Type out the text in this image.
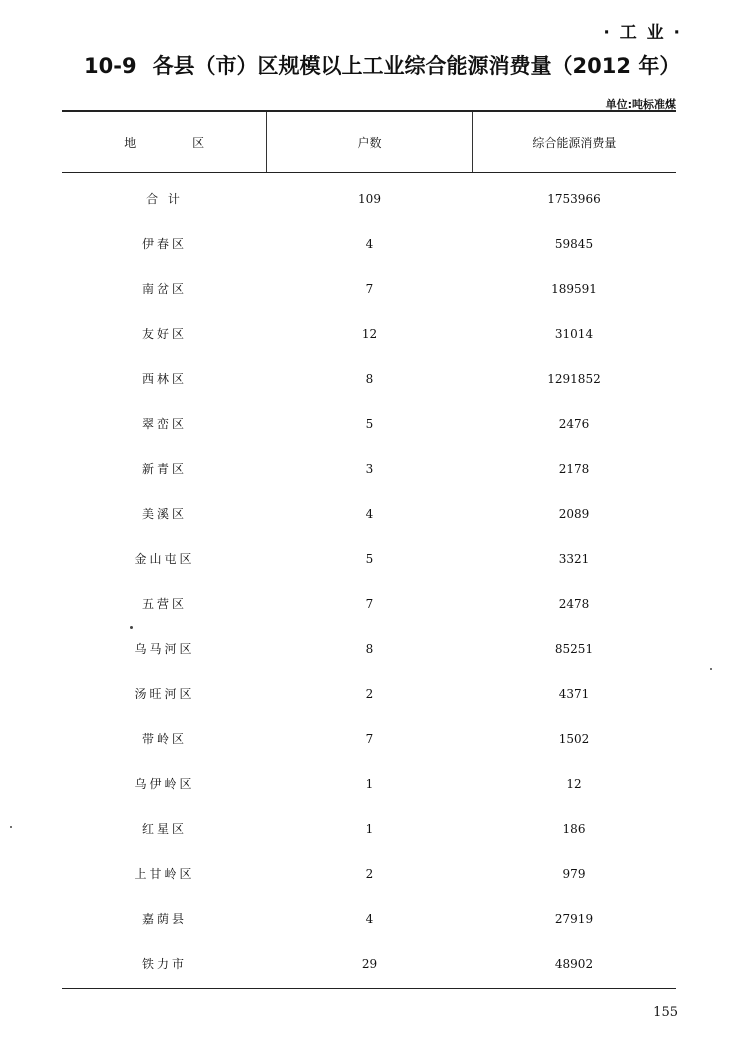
· 工 业 ·
10-9 各县（市）区规模以上工业综合能源消费量（2012 年）
单位:吨标准煤
地 区	户数	综合能源消费量
合 计	109	1753966
伊春区	4	59845
南岔区	7	189591
友好区	12	31014
西林区	8	1291852
翠峦区	5	2476
新青区	3	2178
美溪区	4	2089
金山屯区	5	3321
五营区	7	2478
乌马河区	8	85251
汤旺河区	2	4371
带岭区	7	1502
乌伊岭区	1	12
红星区	1	186
上甘岭区	2	979
嘉荫县	4	27919
铁力市	29	48902
155
